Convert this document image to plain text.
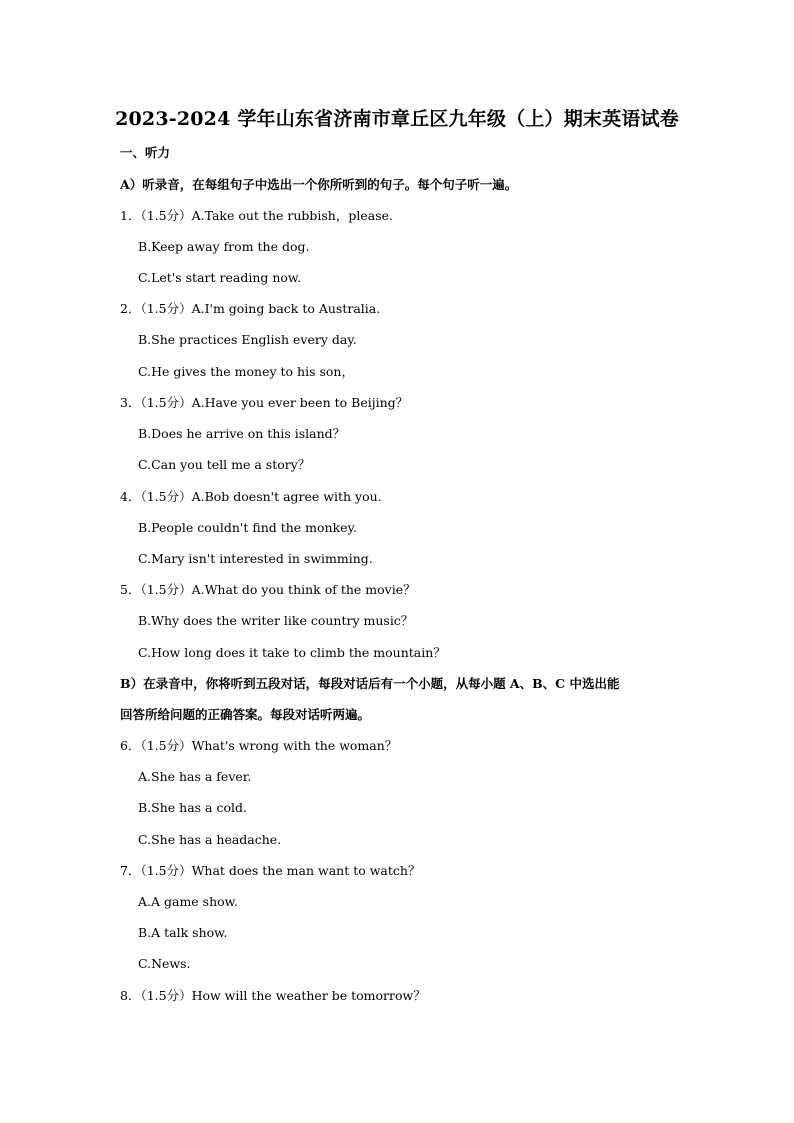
2023-2024 学年山东省济南市章丘区九年级（上）期末英语试卷
一、听力
A）听录音，在每组句子中选出一个你所听到的句子。每个句子听一遍。
1．（1.5分）A.Take out the rubbish，please.
B.Keep away from the dog.
C.Let's start reading now.
2．（1.5分）A.I'm going back to Australia.
B.She practices English every day.
C.He gives the money to his son，
3．（1.5分）A.Have you ever been to Beijing？
B.Does he arrive on this island？
C.Can you tell me a story？
4．（1.5分）A.Bob doesn't agree with you.
B.People couldn't find the monkey.
C.Mary isn't interested in swimming.
5．（1.5分）A.What do you think of the movie？
B.Why does the writer like country music？
C.How long does it take to climb the mountain？
B）在录音中，你将听到五段对话，每段对话后有一个小题，从每小题 A、B、C 中选出能
回答所给问题的正确答案。每段对话听两遍。
6．（1.5分）What's wrong with the woman？
A.She has a fever.
B.She has a cold.
C.She has a headache.
7．（1.5分）What does the man want to watch？
A.A game show.
B.A talk show.
C.News.
8．（1.5分）How will the weather be tomorrow？
